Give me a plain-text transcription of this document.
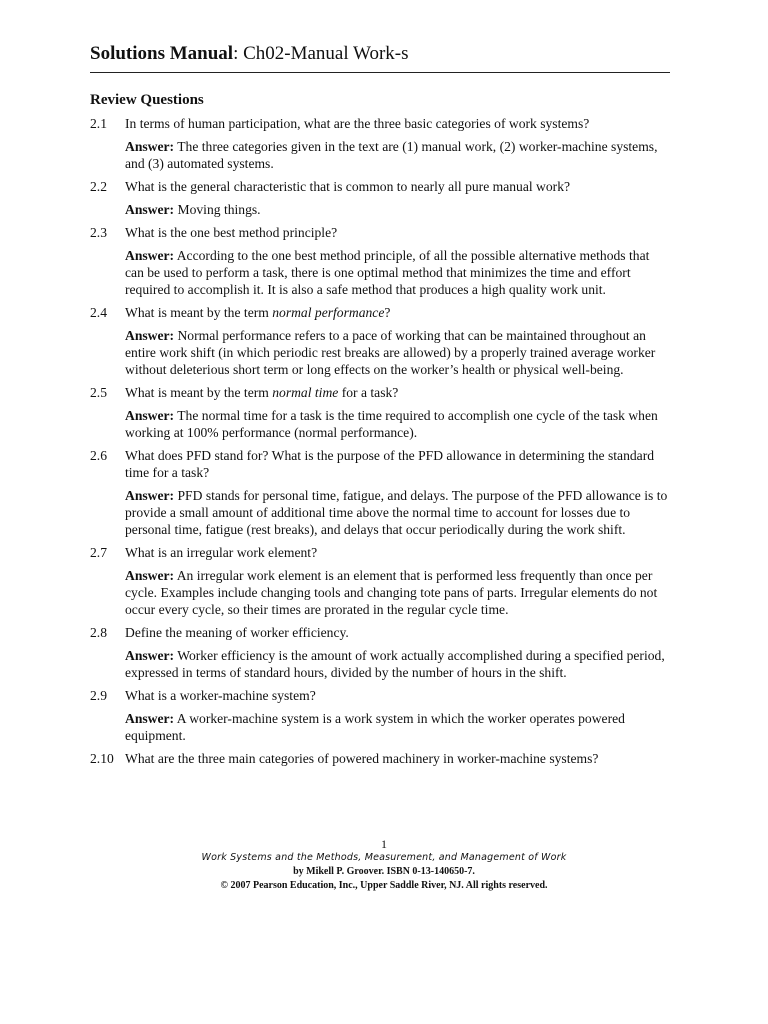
Solutions Manual: Ch02-Manual Work-s
Review Questions
2.1	In terms of human participation, what are the three basic categories of work systems?
Answer: The three categories given in the text are (1) manual work, (2) worker-machine systems, and (3) automated systems.
2.2	What is the general characteristic that is common to nearly all pure manual work?
Answer: Moving things.
2.3	What is the one best method principle?
Answer: According to the one best method principle, of all the possible alternative methods that can be used to perform a task, there is one optimal method that minimizes the time and effort required to accomplish it. It is also a safe method that produces a high quality work unit.
2.4	What is meant by the term normal performance?
Answer: Normal performance refers to a pace of working that can be maintained throughout an entire work shift (in which periodic rest breaks are allowed) by a properly trained average worker without deleterious short term or long effects on the worker’s health or physical well-being.
2.5	What is meant by the term normal time for a task?
Answer: The normal time for a task is the time required to accomplish one cycle of the task when working at 100% performance (normal performance).
2.6	What does PFD stand for? What is the purpose of the PFD allowance in determining the standard time for a task?
Answer: PFD stands for personal time, fatigue, and delays. The purpose of the PFD allowance is to provide a small amount of additional time above the normal time to account for losses due to personal time, fatigue (rest breaks), and delays that occur periodically during the work shift.
2.7	What is an irregular work element?
Answer: An irregular work element is an element that is performed less frequently than once per cycle. Examples include changing tools and changing tote pans of parts. Irregular elements do not occur every cycle, so their times are prorated in the regular cycle time.
2.8	Define the meaning of worker efficiency.
Answer: Worker efficiency is the amount of work actually accomplished during a specified period, expressed in terms of standard hours, divided by the number of hours in the shift.
2.9	What is a worker-machine system?
Answer: A worker-machine system is a work system in which the worker operates powered equipment.
2.10 What are the three main categories of powered machinery in worker-machine systems?
1
Work Systems and the Methods, Measurement, and Management of Work
by Mikell P. Groover. ISBN 0-13-140650-7.
© 2007 Pearson Education, Inc., Upper Saddle River, NJ. All rights reserved.
